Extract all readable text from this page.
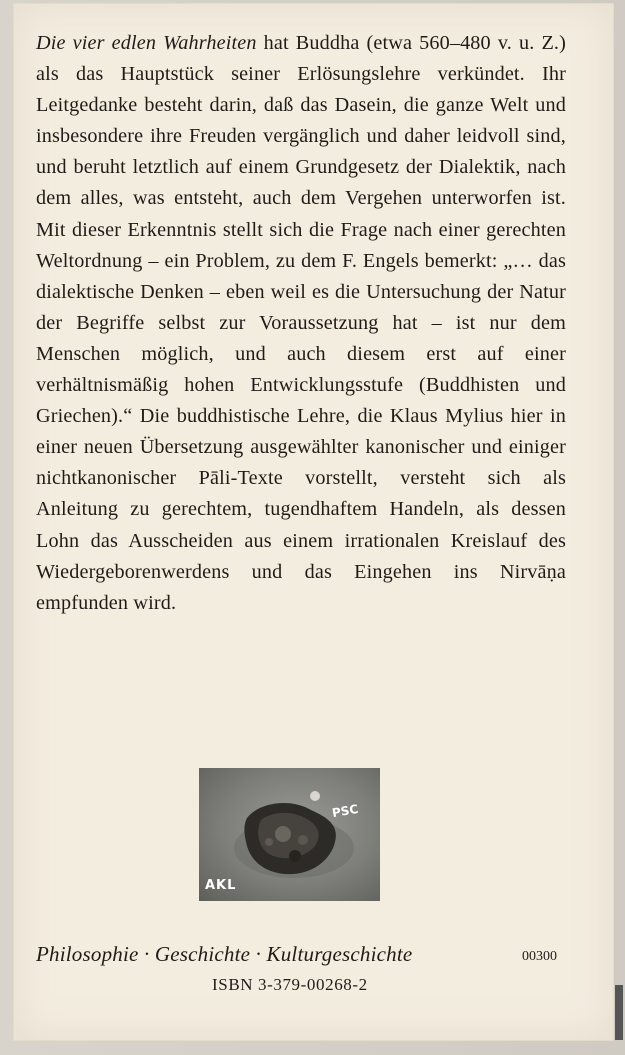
Die vier edlen Wahrheiten hat Buddha (etwa 560–480 v. u. Z.) als das Hauptstück seiner Erlösungslehre verkündet. Ihr Leitgedanke besteht darin, daß das Dasein, die ganze Welt und insbesondere ihre Freuden vergänglich und daher leidvoll sind, und beruht letztlich auf einem Grundgesetz der Dialektik, nach dem alles, was entsteht, auch dem Vergehen unterworfen ist. Mit dieser Erkenntnis stellt sich die Frage nach einer gerechten Weltordnung – ein Problem, zu dem F. Engels bemerkt: „… das dialektische Denken – eben weil es die Untersuchung der Natur der Begriffe selbst zur Voraussetzung hat – ist nur dem Menschen möglich, und auch diesem erst auf einer verhältnismäßig hohen Entwicklungsstufe (Buddhisten und Griechen).“ Die buddhistische Lehre, die Klaus Mylius hier in einer neuen Übersetzung ausgewählter kanonischer und einiger nichtkanonischer Pāli-Texte vorstellt, versteht sich als Anleitung zu gerechtem, tugendhaftem Handeln, als dessen Lohn das Ausscheiden aus einem irrationalen Kreislauf des Wiedergeborenwerdens und das Eingehen ins Nirvāṇa empfunden wird.
AKL
PSC
Philosophie · Geschichte · Kulturgeschichte	00300
ISBN 3-379-00268-2
